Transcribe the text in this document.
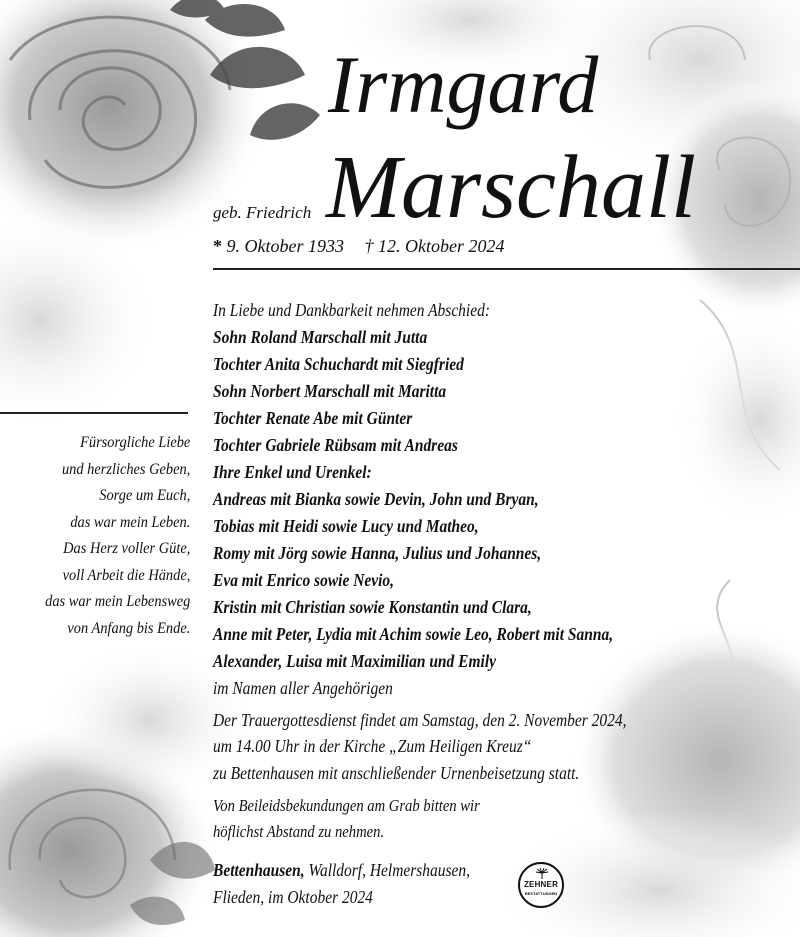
Irmgard
Marschall
geb. Friedrich
* 9. Oktober 1933 † 12. Oktober 2024
Fürsorgliche Liebe
und herzliches Geben,
Sorge um Euch,
das war mein Leben.
Das Herz voller Güte,
voll Arbeit die Hände,
das war mein Lebensweg
von Anfang bis Ende.
In Liebe und Dankbarkeit nehmen Abschied:
Sohn Roland Marschall mit Jutta
Tochter Anita Schuchardt mit Siegfried
Sohn Norbert Marschall mit Maritta
Tochter Renate Abe mit Günter
Tochter Gabriele Rübsam mit Andreas
Ihre Enkel und Urenkel:
Andreas mit Bianka sowie Devin, John und Bryan,
Tobias mit Heidi sowie Lucy und Matheo,
Romy mit Jörg sowie Hanna, Julius und Johannes,
Eva mit Enrico sowie Nevio,
Kristin mit Christian sowie Konstantin und Clara,
Anne mit Peter, Lydia mit Achim sowie Leo, Robert mit Sanna,
Alexander, Luisa mit Maximilian und Emily
im Namen aller Angehörigen
Der Trauergottesdienst findet am Samstag, den 2. November 2024,
um 14.00 Uhr in der Kirche „Zum Heiligen Kreuz“
zu Bettenhausen mit anschließender Urnenbeisetzung statt.
Von Beileidsbekundungen am Grab bitten wir
höflichst Abstand zu nehmen.
Bettenhausen, Walldorf, Helmershausen,
Flieden, im Oktober 2024
ZEHNER
BESTATTUNGEN
